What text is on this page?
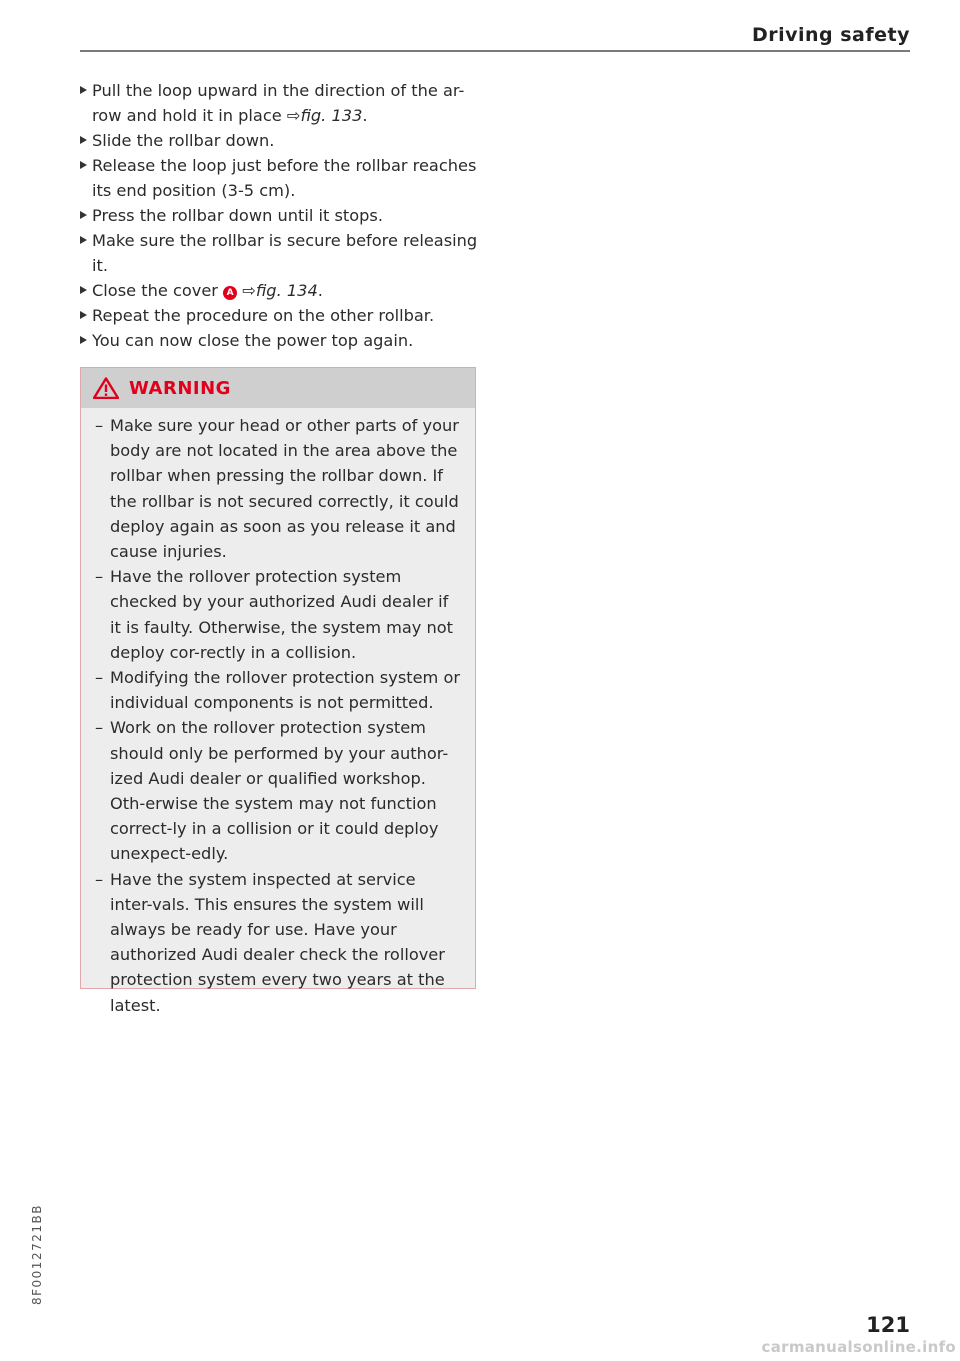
Driving safety
Pull the loop upward in the direction of the ar-row and hold it in place ⇨fig. 133.
Slide the rollbar down.
Release the loop just before the rollbar reaches its end position (3-5 cm).
Press the rollbar down until it stops.
Make sure the rollbar is secure before releasing it.
Close the cover A ⇨fig. 134.
Repeat the procedure on the other rollbar.
You can now close the power top again.
WARNING
– Make sure your head or other parts of your body are not located in the area above the rollbar when pressing the rollbar down. If the rollbar is not secured correctly, it could deploy again as soon as you release it and cause injuries.
– Have the rollover protection system checked by your authorized Audi dealer if it is faulty. Otherwise, the system may not deploy cor-rectly in a collision.
– Modifying the rollover protection system or individual components is not permitted.
– Work on the rollover protection system should only be performed by your author-ized Audi dealer or qualified workshop. Oth-erwise the system may not function correct-ly in a collision or it could deploy unexpect-edly.
– Have the system inspected at service inter-vals. This ensures the system will always be ready for use. Have your authorized Audi dealer check the rollover protection system every two years at the latest.
8F0012721BB
121
carmanualsonline.info
